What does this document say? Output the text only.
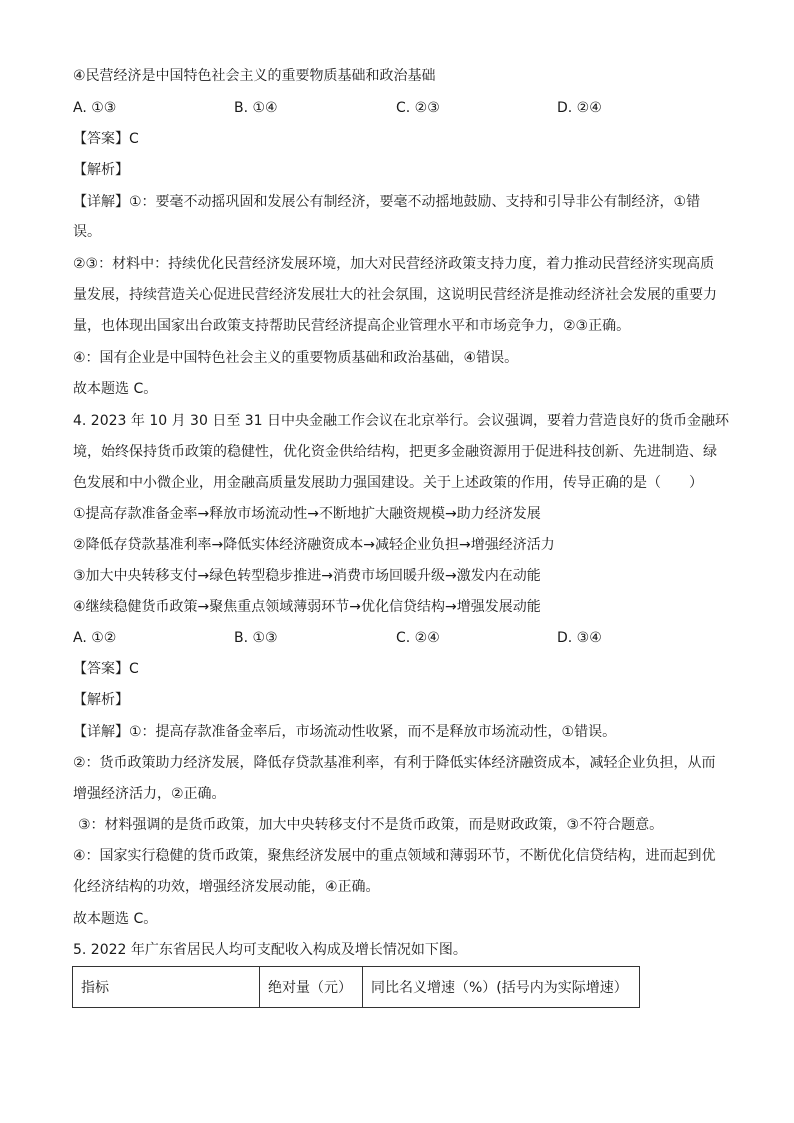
④民营经济是中国特色社会主义的重要物质基础和政治基础
A. ①③	B. ①④	C. ②③	D. ②④
【答案】C
【解析】
【详解】①：要毫不动摇巩固和发展公有制经济，要毫不动摇地鼓励、支持和引导非公有制经济，①错
误。
②③：材料中：持续优化民营经济发展环境，加大对民营经济政策支持力度，着力推动民营经济实现高质
量发展，持续营造关心促进民营经济发展壮大的社会氛围，这说明民营经济是推动经济社会发展的重要力
量，也体现出国家出台政策支持帮助民营经济提高企业管理水平和市场竞争力，②③正确。
④：国有企业是中国特色社会主义的重要物质基础和政治基础，④错误。
故本题选 C。
4. 2023 年 10 月 30 日至 31 日中央金融工作会议在北京举行。会议强调，要着力营造良好的货币金融环
境，始终保持货币政策的稳健性，优化资金供给结构，把更多金融资源用于促进科技创新、先进制造、绿
色发展和中小微企业，用金融高质量发展助力强国建设。关于上述政策的作用，传导正确的是（　　）
①提高存款准备金率→释放市场流动性→不断地扩大融资规模→助力经济发展
②降低存贷款基准利率→降低实体经济融资成本→减轻企业负担→增强经济活力
③加大中央转移支付→绿色转型稳步推进→消费市场回暖升级→激发内在动能
④继续稳健货币政策→聚焦重点领域薄弱环节→优化信贷结构→增强发展动能
A. ①②	B. ①③	C. ②④	D. ③④
【答案】C
【解析】
【详解】①：提高存款准备金率后，市场流动性收紧，而不是释放市场流动性，①错误。
②：货币政策助力经济发展，降低存贷款基准利率，有利于降低实体经济融资成本，减轻企业负担，从而
增强经济活力，②正确。
③：材料强调的是货币政策，加大中央转移支付不是货币政策，而是财政政策，③不符合题意。
④：国家实行稳健的货币政策，聚焦经济发展中的重点领域和薄弱环节，不断优化信贷结构，进而起到优
化经济结构的功效，增强经济发展动能，④正确。
故本题选 C。
5. 2022 年广东省居民人均可支配收入构成及增长情况如下图。
指标	绝对量（元）	同比名义增速（%）(括号内为实际增速）
